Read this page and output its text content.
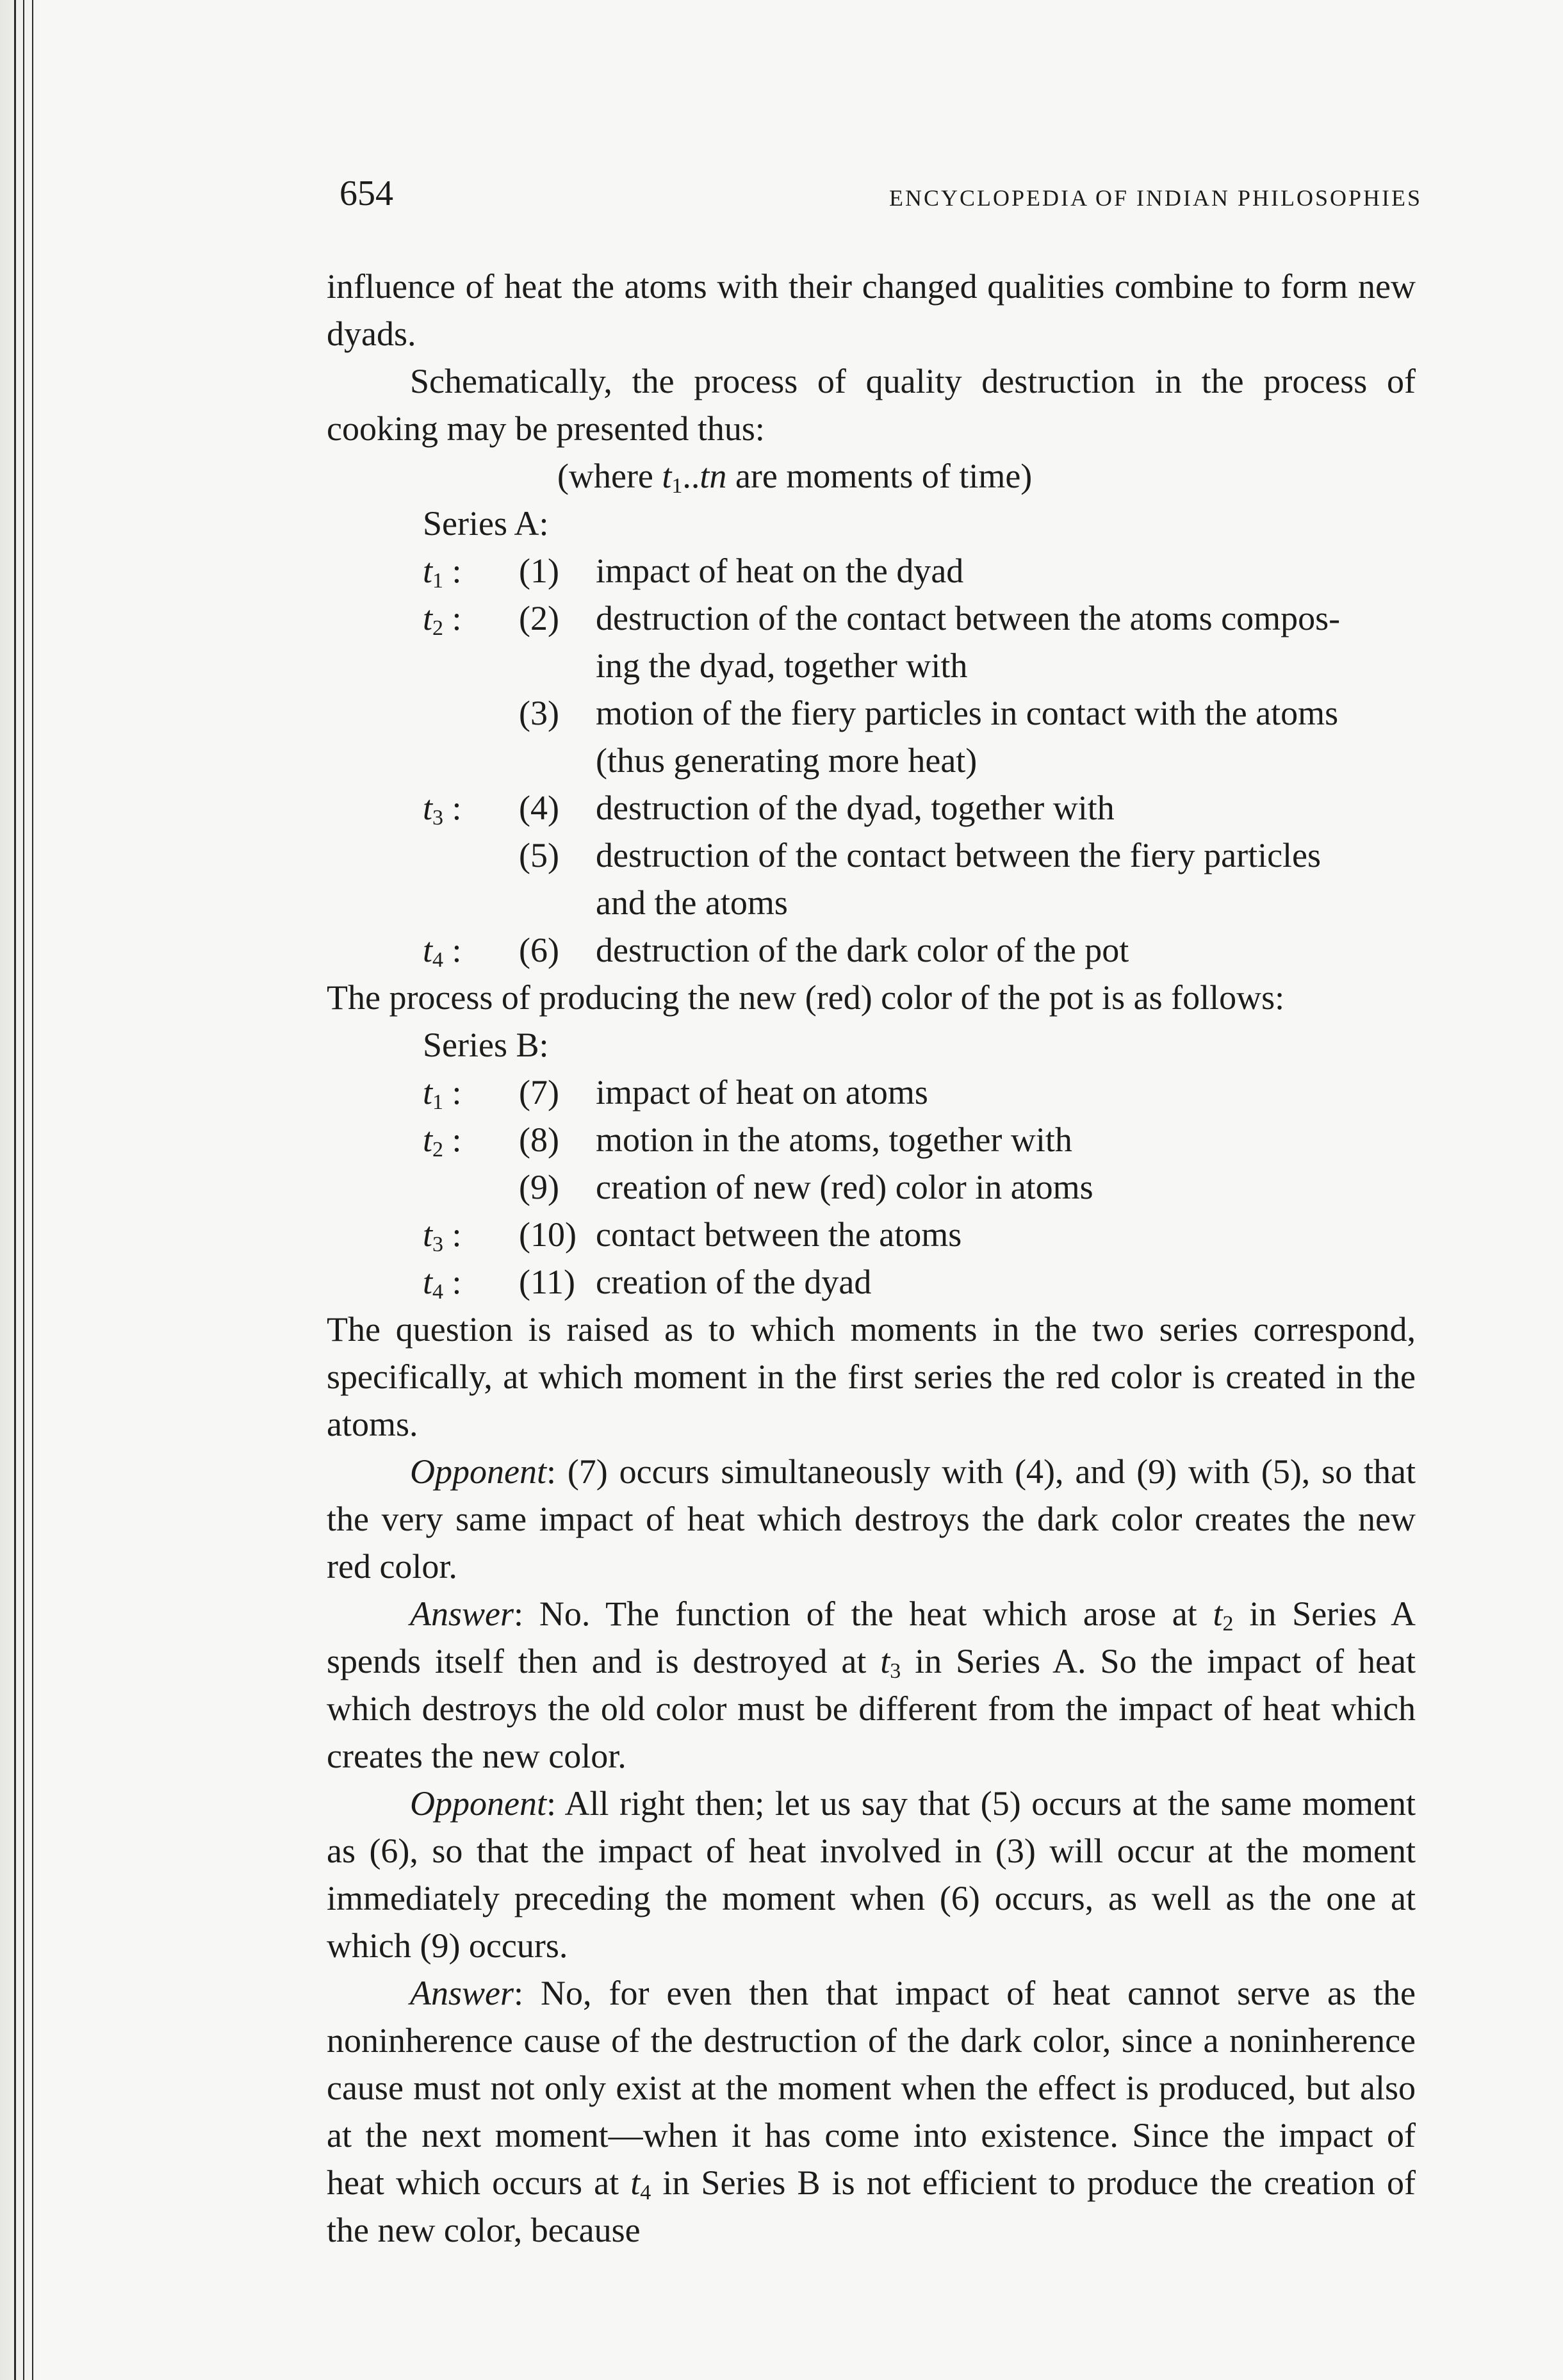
654	ENCYCLOPEDIA OF INDIAN PHILOSOPHIES

influence of heat the atoms with their changed qualities combine to form new dyads.

Schematically, the process of quality destruction in the process of cooking may be presented thus:

(where $t_1..tn$ are moments of time)
Series A:
$t_1$ :	(1)	impact of heat on the dyad
$t_2$ :	(2)	destruction of the contact between the atoms compos-
ing the dyad, together with
(3)	motion of the fiery particles in contact with the atoms
(thus generating more heat)
$t_3$ :	(4)	destruction of the dyad, together with
(5)	destruction of the contact between the fiery particles
and the atoms
$t_4$ :	(6)	destruction of the dark color of the pot

The process of producing the new (red) color of the pot is as follows:

Series B:
$t_1$ :	(7)	impact of heat on atoms
$t_2$ :	(8)	motion in the atoms, together with
(9)	creation of new (red) color in atoms
$t_3$ :	(10) contact between the atoms
$t_4$ :	(11) creation of the dyad

The question is raised as to which moments in the two series correspond, specifically, at which moment in the first series the red color is created in the atoms.

Opponent: (7) occurs simultaneously with (4), and (9) with (5), so that the very same impact of heat which destroys the dark color creates the new red color.

Answer: No. The function of the heat which arose at $t_2$ in Series A spends itself then and is destroyed at $t_3$ in Series A. So the impact of heat which destroys the old color must be different from the impact of heat which creates the new color.

Opponent: All right then; let us say that (5) occurs at the same moment as (6), so that the impact of heat involved in (3) will occur at the moment immediately preceding the moment when (6) occurs, as well as the one at which (9) occurs.

Answer: No, for even then that impact of heat cannot serve as the noninherence cause of the destruction of the dark color, since a noninherence cause must not only exist at the moment when the effect is produced, but also at the next moment—when it has come into existence. Since the impact of heat which occurs at $t_4$ in Series B is not efficient to produce the creation of the new color, because
